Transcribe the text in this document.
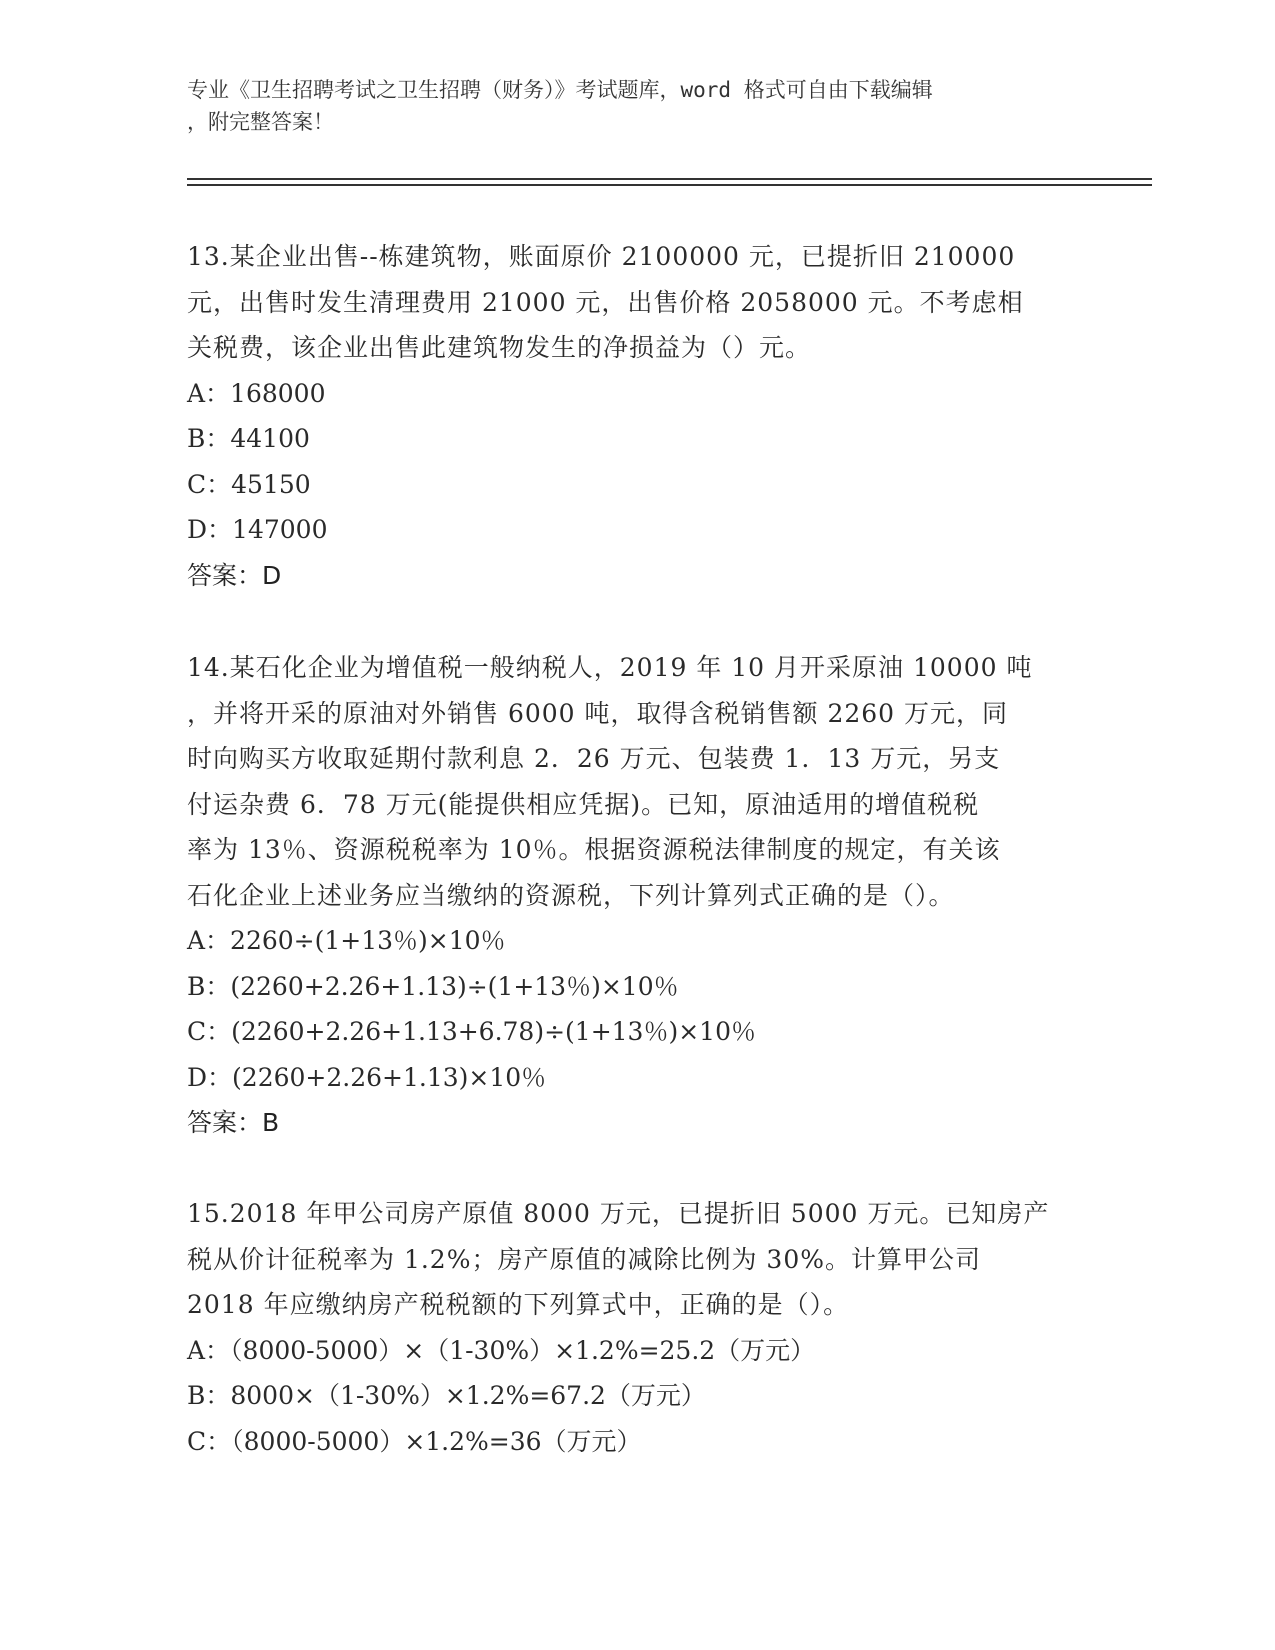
专业《卫生招聘考试之卫生招聘（财务）》考试题库，word 格式可自由下载编辑
，附完整答案！
13.某企业出售--栋建筑物，账面原价 2100000 元，已提折旧 210000
元，出售时发生清理费用 21000 元，出售价格 2058000 元。不考虑相
关税费，该企业出售此建筑物发生的净损益为（）元。
A：168000
B：44100
C：45150
D：147000
答案：D
14.某石化企业为增值税一般纳税人，2019 年 10 月开采原油 10000 吨
，并将开采的原油对外销售 6000 吨，取得含税销售额 2260 万元，同
时向购买方收取延期付款利息 2．26 万元、包装费 1．13 万元，另支
付运杂费 6．78 万元(能提供相应凭据)。已知，原油适用的增值税税
率为 13％、资源税税率为 10％。根据资源税法律制度的规定，有关该
石化企业上述业务应当缴纳的资源税，下列计算列式正确的是（）。
A：2260÷(1+13％)×10％
B：(2260+2.26+1.13)÷(1+13％)×10％
C：(2260+2.26+1.13+6.78)÷(1+13％)×10％
D：(2260+2.26+1.13)×10％
答案：B
15.2018 年甲公司房产原值 8000 万元，已提折旧 5000 万元。已知房产
税从价计征税率为 1.2%；房产原值的减除比例为 30%。计算甲公司
2018 年应缴纳房产税税额的下列算式中，正确的是（）。
A：（8000-5000）×（1-30%）×1.2%=25.2（万元）
B：8000×（1-30%）×1.2%=67.2（万元）
C：（8000-5000）×1.2%=36（万元）
